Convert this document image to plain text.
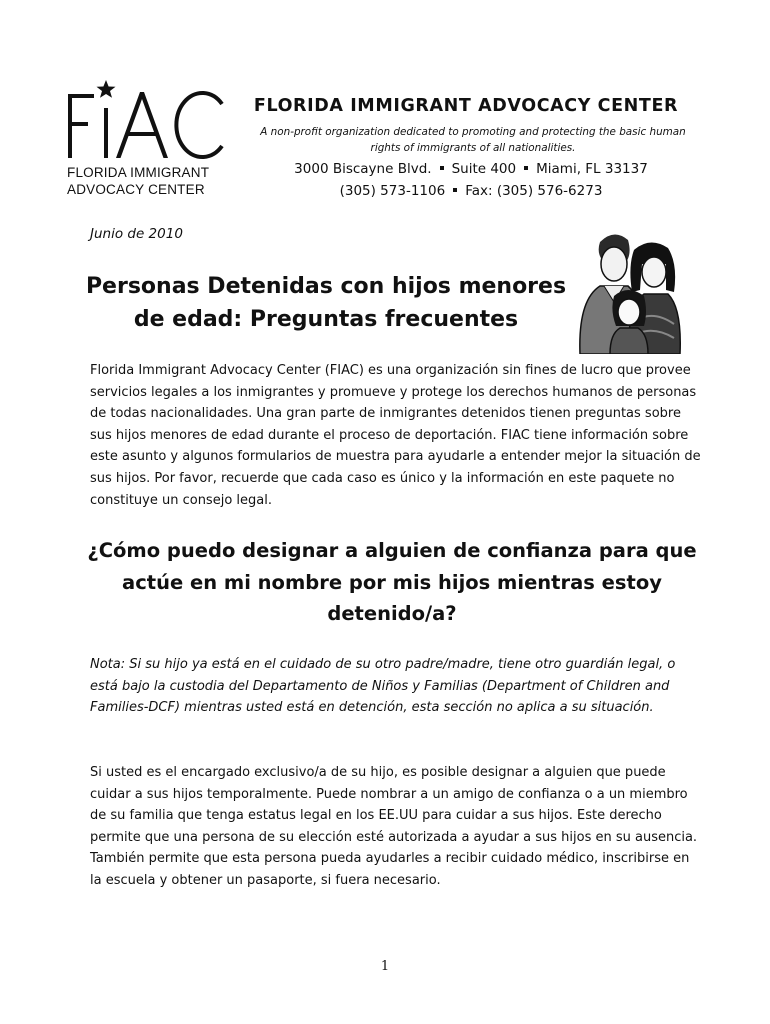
FLORIDA IMMIGRANT
ADVOCACY CENTER
FLORIDA IMMIGRANT ADVOCACY CENTER
A non-profit organization dedicated to promoting and protecting the basic human rights of immigrants of all nationalities.
3000 Biscayne Blvd. Suite 400 Miami, FL 33137
(305) 573-1106 Fax: (305) 576-6273
Junio de 2010
Personas Detenidas con hijos menores de edad: Preguntas frecuentes
Florida Immigrant Advocacy Center (FIAC) es una organización sin fines de lucro que provee servicios legales a los inmigrantes y promueve y protege los derechos humanos de personas de todas nacionalidades. Una gran parte de inmigrantes detenidos tienen preguntas sobre sus hijos menores de edad durante el proceso de deportación. FIAC tiene información sobre este asunto y algunos formularios de muestra para ayudarle a entender mejor la situación de sus hijos. Por favor, recuerde que cada caso es único y la información en este paquete no constituye un consejo legal.
¿Cómo puedo designar a alguien de confianza para que actúe en mi nombre por mis hijos mientras estoy detenido/a?
Nota: Si su hijo ya está en el cuidado de su otro padre/madre, tiene otro guardián legal, o está bajo la custodia del Departamento de Niños y Familias (Department of Children and Families-DCF) mientras usted está en detención, esta sección no aplica a su situación.
Si usted es el encargado exclusivo/a de su hijo, es posible designar a alguien que puede cuidar a sus hijos temporalmente. Puede nombrar a un amigo de confianza o a un miembro de su familia que tenga estatus legal en los EE.UU para cuidar a sus hijos. Este derecho permite que una persona de su elección esté autorizada a ayudar a sus hijos en su ausencia. También permite que esta persona pueda ayudarles a recibir cuidado médico, inscribirse en la escuela y obtener un pasaporte, si fuera necesario.
1
